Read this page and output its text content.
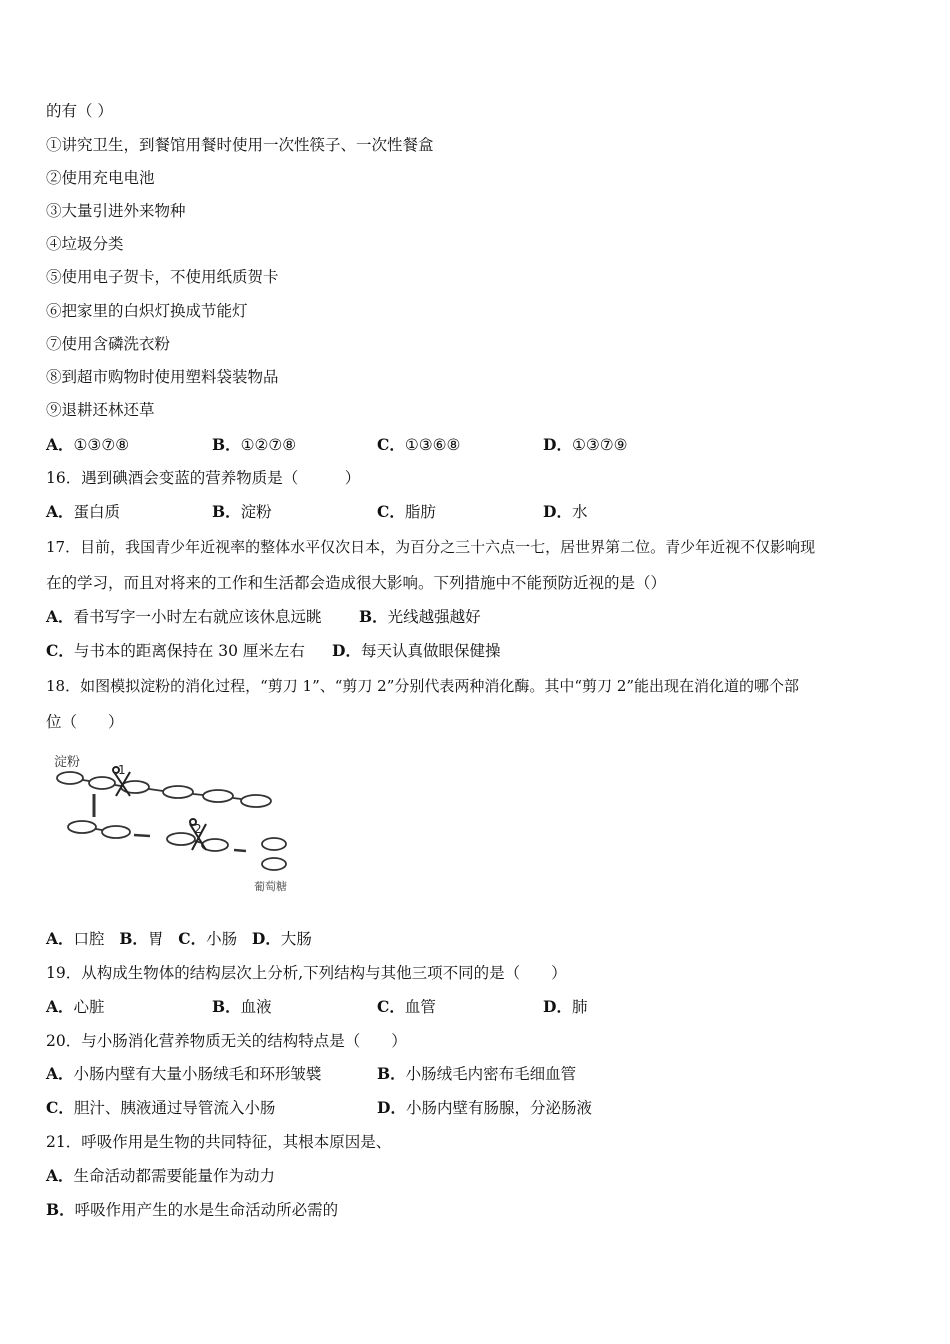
的有（ ）
①讲究卫生，到餐馆用餐时使用一次性筷子、一次性餐盒
②使用充电电池
③大量引进外来物种
④垃圾分类
⑤使用电子贺卡，不使用纸质贺卡
⑥把家里的白炽灯换成节能灯
⑦使用含磷洗衣粉
⑧到超市购物时使用塑料袋装物品
⑨退耕还林还草
A．①③⑦⑧	B．①②⑦⑧	C．①③⑥⑧	D．①③⑦⑨
16．遇到碘酒会变蓝的营养物质是（　　　）
A．蛋白质	B．淀粉	C．脂肪	D．水
17．目前，我国青少年近视率的整体水平仅次日本，为百分之三十六点一七，居世界第二位。青少年近视不仅影响现
在的学习，而且对将来的工作和生活都会造成很大影响。下列措施中不能预防近视的是（）
A．看书写字一小时左右就应该休息远眺 B．光线越强越好
C．与书本的距离保持在 30 厘米左右 D．每天认真做眼保健操
18．如图模拟淀粉的消化过程，“剪刀 1”、“剪刀 2”分别代表两种消化酶。其中“剪刀 2”能出现在消化道的哪个部
位（　　）
淀粉	1
2
葡萄糖
A．口腔 B．胃 C．小肠 D．大肠
19．从构成生物体的结构层次上分析,下列结构与其他三项不同的是（　　）
A．心脏	B．血液	C．血管	D．肺
20．与小肠消化营养物质无关的结构特点是（　　）
A．小肠内壁有大量小肠绒毛和环形皱襞	B．小肠绒毛内密布毛细血管
C．胆汁、胰液通过导管流入小肠	D．小肠内壁有肠腺，分泌肠液
21．呼吸作用是生物的共同特征，其根本原因是、
A．生命活动都需要能量作为动力
B．呼吸作用产生的水是生命活动所必需的
